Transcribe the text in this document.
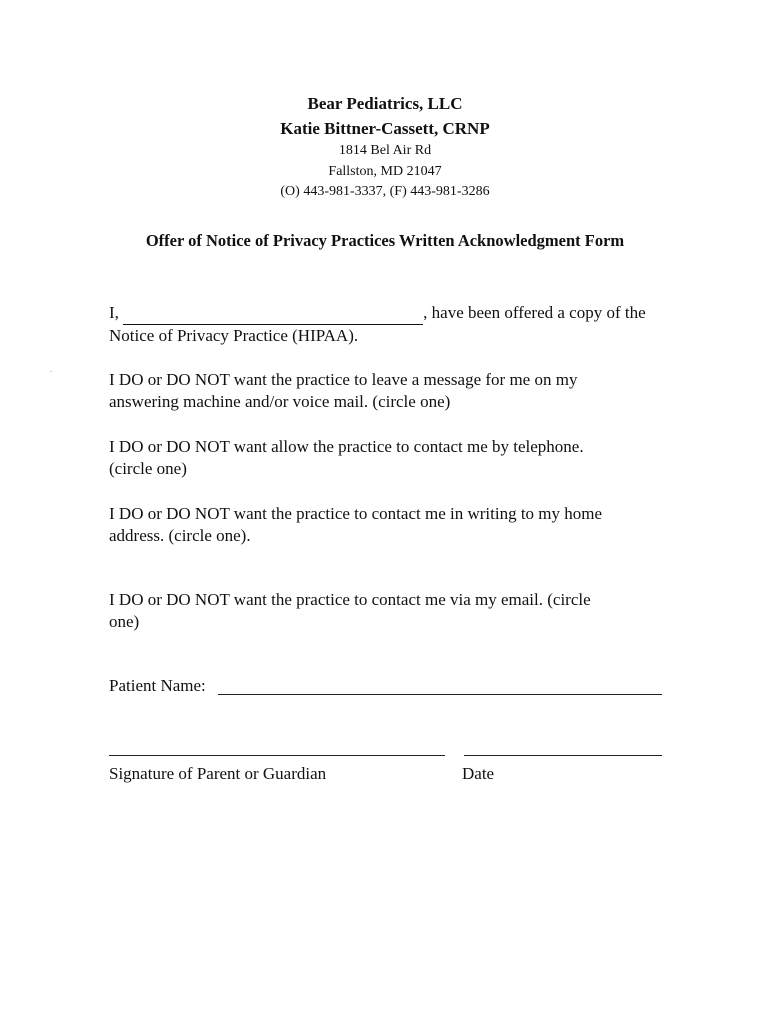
Bear Pediatrics, LLC
Katie Bittner-Cassett, CRNP
1814 Bel Air Rd
Fallston, MD 21047
(O) 443-981-3337, (F) 443-981-3286
Offer of Notice of Privacy Practices Written Acknowledgment Form
I,	, have been offered a copy of the
Notice of Privacy Practice (HIPAA).
I DO or DO NOT want the practice to leave a message for me on my
answering machine and/or voice mail. (circle one)
I DO or DO NOT want allow the practice to contact me by telephone.
(circle one)
I DO or DO NOT want the practice to contact me in writing to my home
address. (circle one).
I DO or DO NOT want the practice to contact me via my email. (circle
one)
Patient Name:
Signature of Parent or Guardian	Date
